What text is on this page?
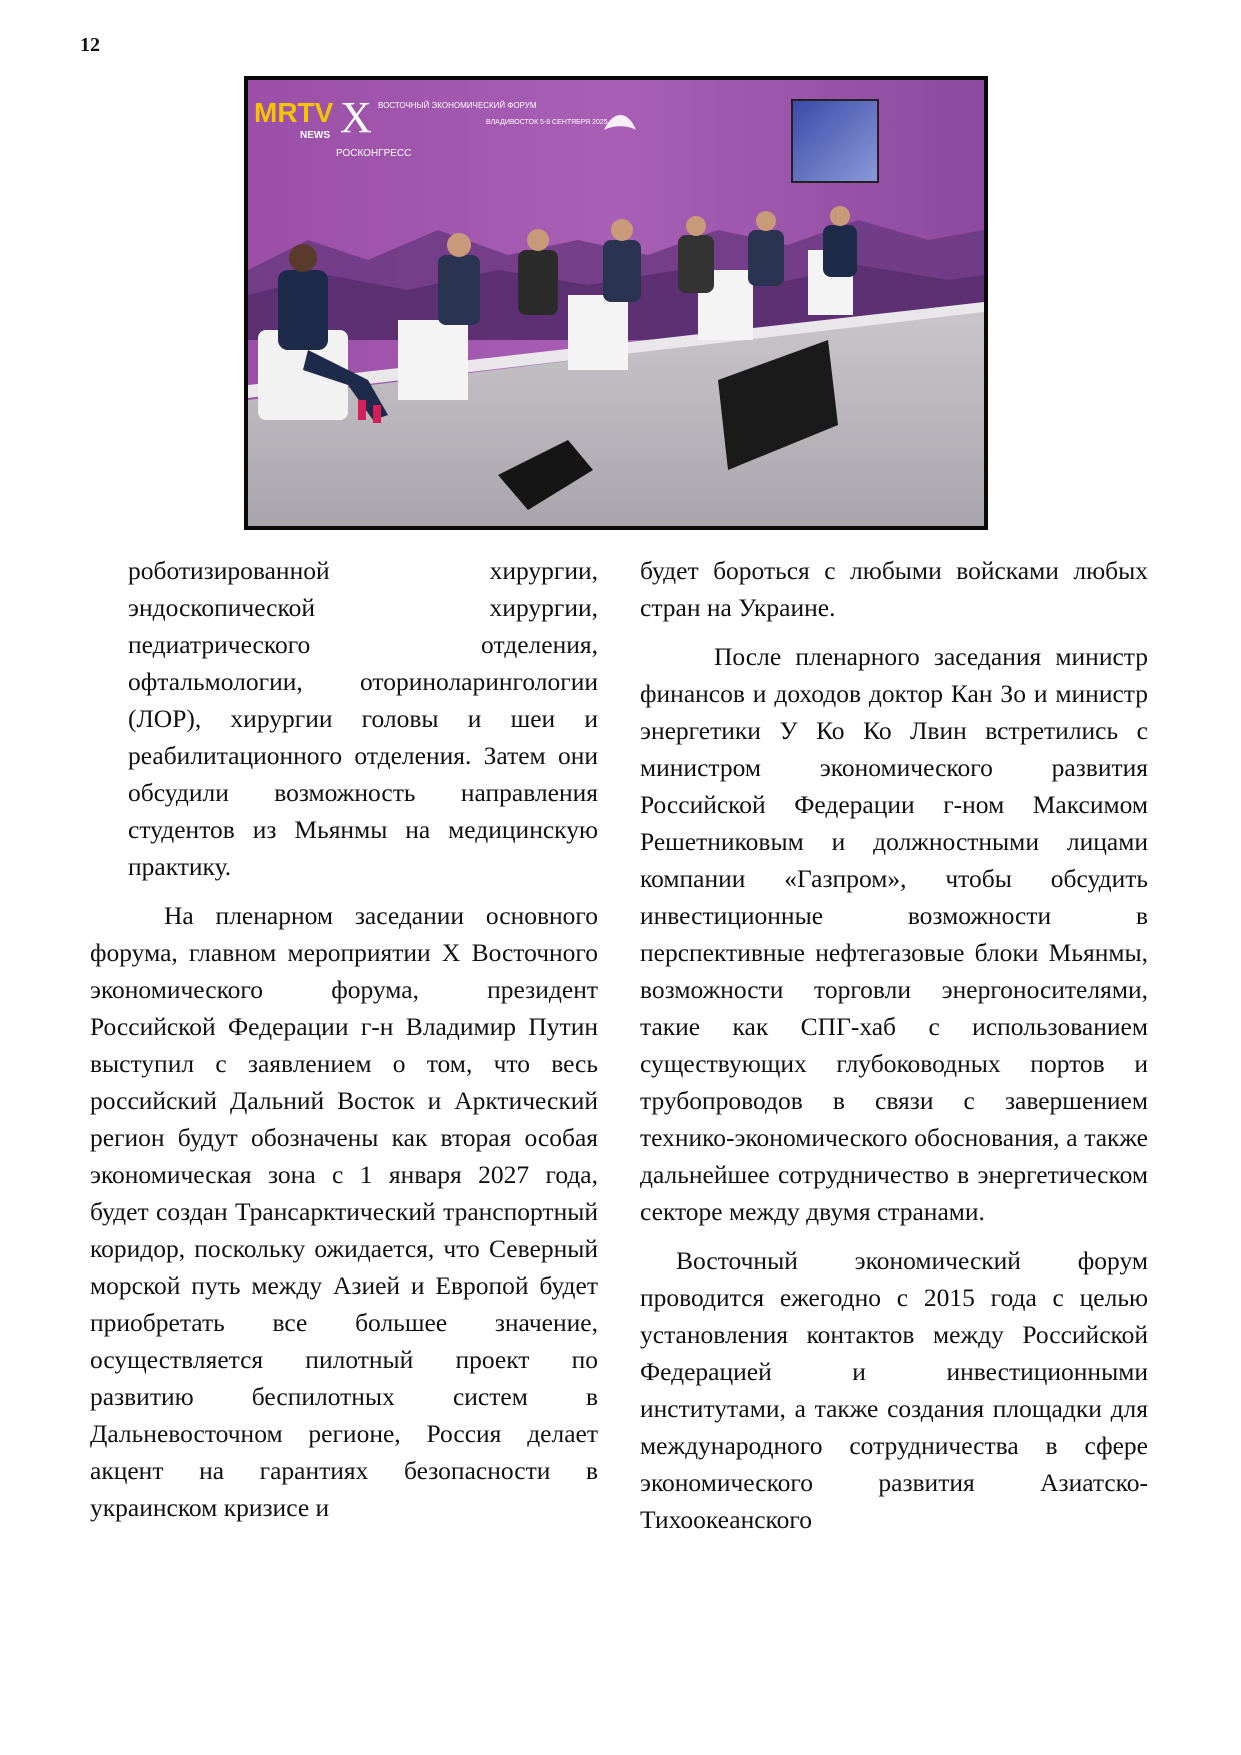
12
MRTV
NEWS X ВОСТОЧНЫЙ ЭКОНОМИЧЕСКИЙ ФОРУМ
ВЛАДИВОСТОК 5-8 СЕНТЯБРЯ 2025
РОСКОНГРЕСС

роботизированной хирургии, эндоскопической хирургии, педиатрического отделения, офтальмологии, оториноларингологии (ЛОР), хирургии головы и шеи и реабилитационного отделения. Затем они обсудили возможность направления студентов из Мьянмы на медицинскую практику.

На пленарном заседании основного форума, главном мероприятии X Восточного экономического форума, президент Российской Федерации г-н Владимир Путин выступил с заявлением о том, что весь российский Дальний Восток и Арктический регион будут обозначены как вторая особая экономическая зона с 1 января 2027 года, будет создан Трансарктический транспортный коридор, поскольку ожидается, что Северный морской путь между Азией и Европой будет приобретать все большее значение, осуществляется пилотный проект по развитию беспилотных систем в Дальневосточном регионе, Россия делает акцент на гарантиях безопасности в украинском кризисе и

будет бороться с любыми войсками любых стран на Украине.

После пленарного заседания министр финансов и доходов доктор Кан Зо и министр энергетики У Ко Ко Лвин встретились с министром экономического развития Российской Федерации г-ном Максимом Решетниковым и должностными лицами компании «Газпром», чтобы обсудить инвестиционные возможности в перспективные нефтегазовые блоки Мьянмы, возможности торговли энергоносителями, такие как СПГ-хаб с использованием существующих глубоководных портов и трубопроводов в связи с завершением технико-экономического обоснования, а также дальнейшее сотрудничество в энергетическом секторе между двумя странами.

Восточный экономический форум проводится ежегодно с 2015 года с целью установления контактов между Российской Федерацией и инвестиционными институтами, а также создания площадки для международного сотрудничества в сфере экономического развития Азиатско-Тихоокеанского
